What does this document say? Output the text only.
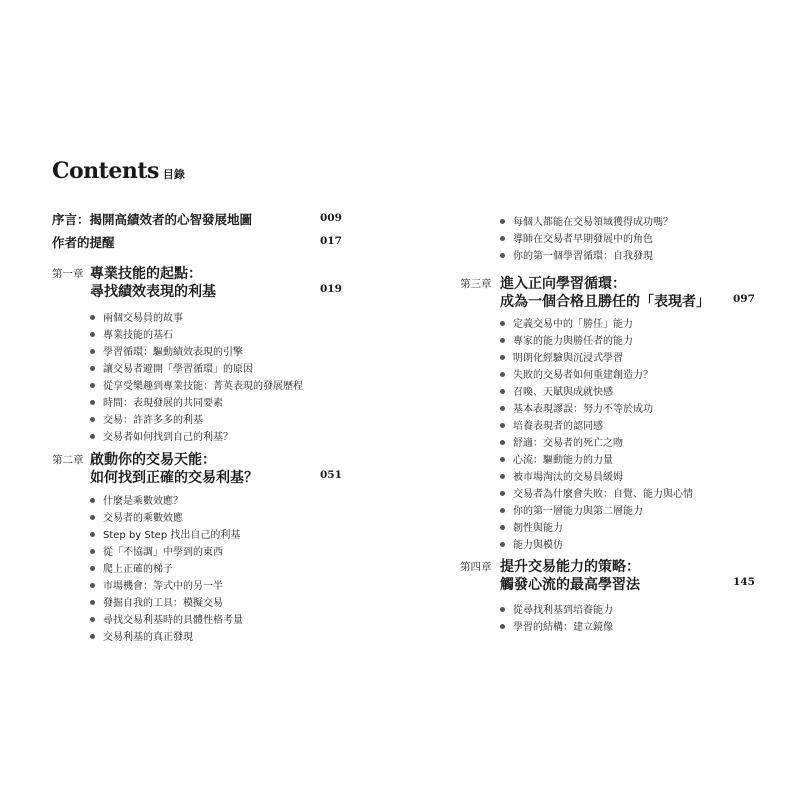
Contents 目錄
序言：揭開高績效者的心智發展地圖	009
作者的提醒	017
第一章 專業技能的起點：
尋找績效表現的利基	019
兩個交易員的故事
專業技能的基石
學習循環：驅動績效表現的引擎
讓交易者避開「學習循環」的原因
從享受樂趣到專業技能：菁英表現的發展歷程
時間：表現發展的共同要素
交易：許許多多的利基
交易者如何找到自己的利基？
第二章 啟動你的交易天能：
如何找到正確的交易利基？	051
什麼是乘數效應？
交易者的乘數效應
Step by Step 找出自己的利基
從「不協調」中學到的東西
爬上正確的梯子
市場機會：等式中的另一半
發掘自我的工具：模擬交易
尋找交易利基時的具體性格考量
交易利基的真正發現
每個人都能在交易領域獲得成功嗎？
導師在交易者早期發展中的角色
你的第一個學習循環：自我發現
第三章 進入正向學習循環：
成為一個合格且勝任的「表現者」 097
定義交易中的「勝任」能力
專家的能力與勝任者的能力
明朗化經驗與沉浸式學習
失敗的交易者如何重建創造力？
召喚、天賦與成就快感
基本表現謬誤：努力不等於成功
培養表現者的認同感
舒適：交易者的死亡之吻
心流：驅動能力的力量
被市場淘汰的交易員緩姆
交易者為什麼會失敗：自覺、能力與心情
你的第一層能力與第二層能力
韌性與能力
能力與模仿
第四章 提升交易能力的策略：
觸發心流的最高學習法	145
從尋找利基到培養能力
學習的結構：建立鏡像
